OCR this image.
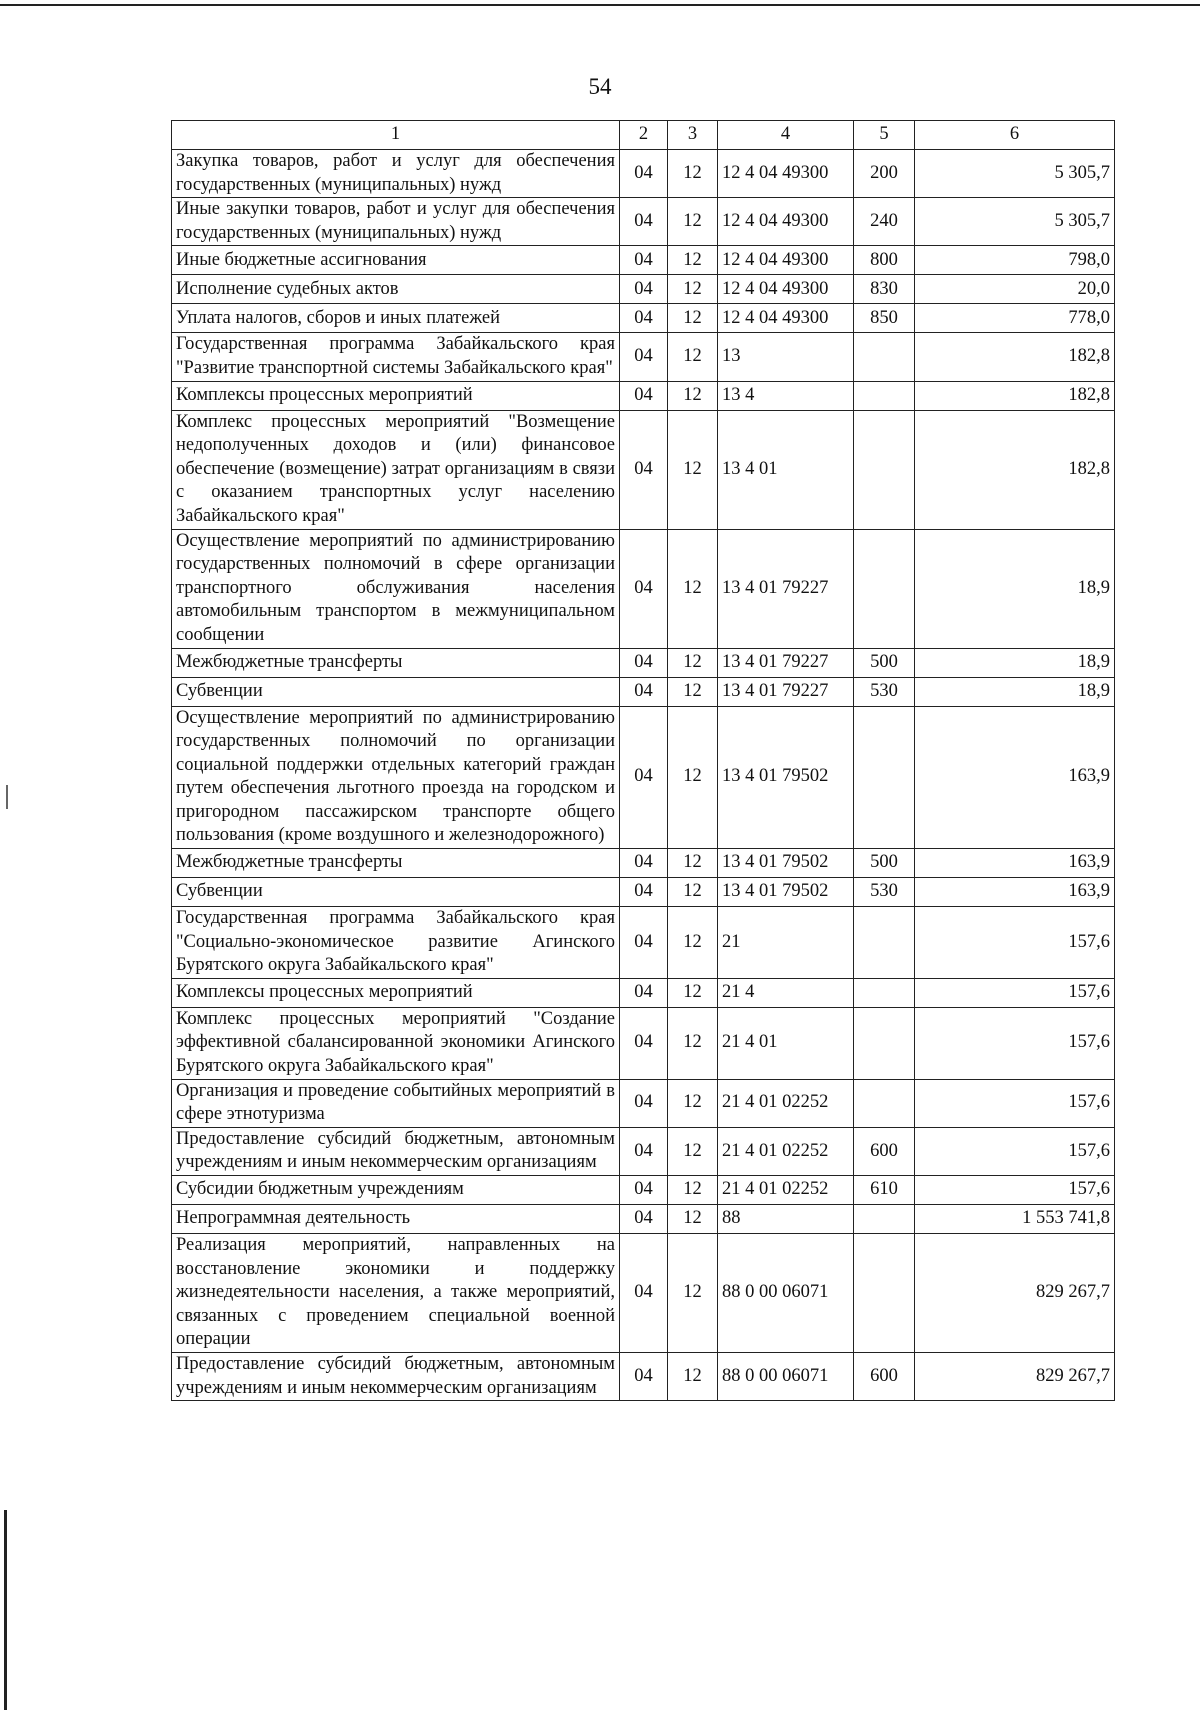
54
1	2	3	4	5	6
Закупка товаров, работ и услуг для обеспечения государственных (муниципальных) нужд	04	12	12 4 04 49300	200	5 305,7
Иные закупки товаров, работ и услуг для обеспечения государственных (муниципальных) нужд	04	12	12 4 04 49300	240	5 305,7
Иные бюджетные ассигнования	04	12	12 4 04 49300	800	798,0
Исполнение судебных актов	04	12	12 4 04 49300	830	20,0
Уплата налогов, сборов и иных платежей	04	12	12 4 04 49300	850	778,0
Государственная программа Забайкальского края "Развитие транспортной системы Забайкальского края"	04	12	13		182,8
Комплексы процессных мероприятий	04	12	13 4		182,8
Комплекс процессных мероприятий "Возмещение недополученных доходов и (или) финансовое обеспечение (возмещение) затрат организациям в связи с оказанием транспортных услуг населению Забайкальского края"	04	12	13 4 01		182,8
Осуществление мероприятий по администрированию государственных полномочий в сфере организации транспортного обслуживания населения автомобильным транспортом в межмуниципальном сообщении	04	12	13 4 01 79227		18,9
Межбюджетные трансферты	04	12	13 4 01 79227	500	18,9
Субвенции	04	12	13 4 01 79227	530	18,9
Осуществление мероприятий по администрированию государственных полномочий по организации социальной поддержки отдельных категорий граждан путем обеспечения льготного проезда на городском и пригородном пассажирском транспорте общего пользования (кроме воздушного и железнодорожного)	04	12	13 4 01 79502		163,9
Межбюджетные трансферты	04	12	13 4 01 79502	500	163,9
Субвенции	04	12	13 4 01 79502	530	163,9
Государственная программа Забайкальского края "Социально-экономическое развитие Агинского Бурятского округа Забайкальского края"	04	12	21		157,6
Комплексы процессных мероприятий	04	12	21 4		157,6
Комплекс процессных мероприятий "Создание эффективной сбалансированной экономики Агинского Бурятского округа Забайкальского края"	04	12	21 4 01		157,6
Организация и проведение событийных мероприятий в сфере этнотуризма	04	12	21 4 01 02252		157,6
Предоставление субсидий бюджетным, автономным учреждениям и иным некоммерческим организациям	04	12	21 4 01 02252	600	157,6
Субсидии бюджетным учреждениям	04	12	21 4 01 02252	610	157,6
Непрограммная деятельность	04	12	88		1 553 741,8
Реализация мероприятий, направленных на восстановление экономики и поддержку жизнедеятельности населения, а также мероприятий, связанных с проведением специальной военной операции	04	12	88 0 00 06071		829 267,7
Предоставление субсидий бюджетным, автономным учреждениям и иным некоммерческим организациям	04	12	88 0 00 06071	600	829 267,7
